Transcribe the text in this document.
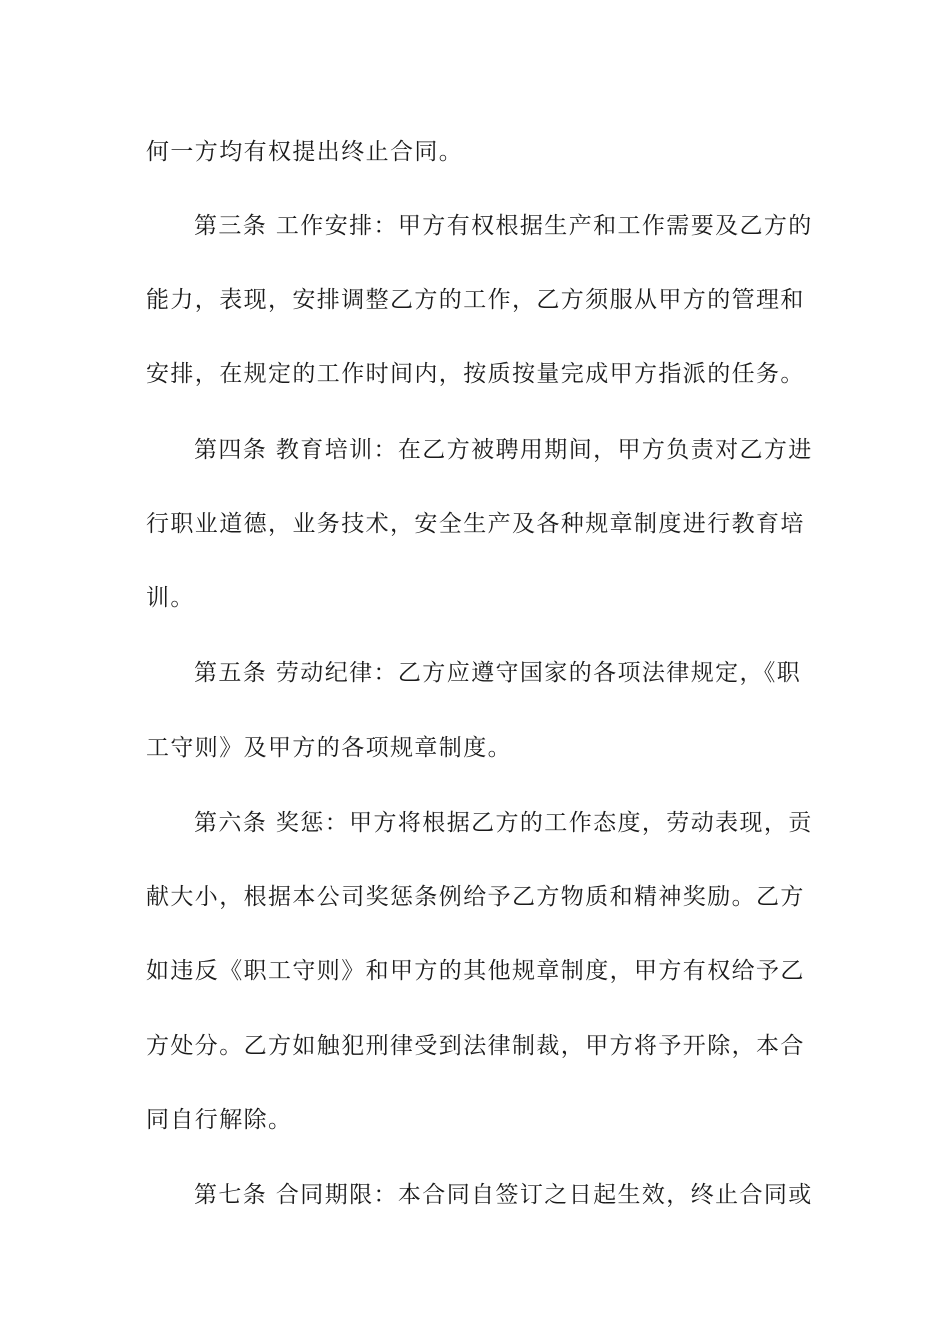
何一方均有权提出终止合同。

第三条 工作安排：甲方有权根据生产和工作需要及乙方的

能力，表现，安排调整乙方的工作，乙方须服从甲方的管理和

安排，在规定的工作时间内，按质按量完成甲方指派的任务。

第四条 教育培训：在乙方被聘用期间，甲方负责对乙方进

行职业道德，业务技术，安全生产及各种规章制度进行教育培

训。

第五条 劳动纪律：乙方应遵守国家的各项法律规定，《职

工守则》及甲方的各项规章制度。

第六条 奖惩：甲方将根据乙方的工作态度，劳动表现，贡

献大小，根据本公司奖惩条例给予乙方物质和精神奖励。乙方

如违反《职工守则》和甲方的其他规章制度，甲方有权给予乙

方处分。乙方如触犯刑律受到法律制裁，甲方将予开除，本合

同自行解除。

第七条 合同期限：本合同自签订之日起生效，终止合同或
